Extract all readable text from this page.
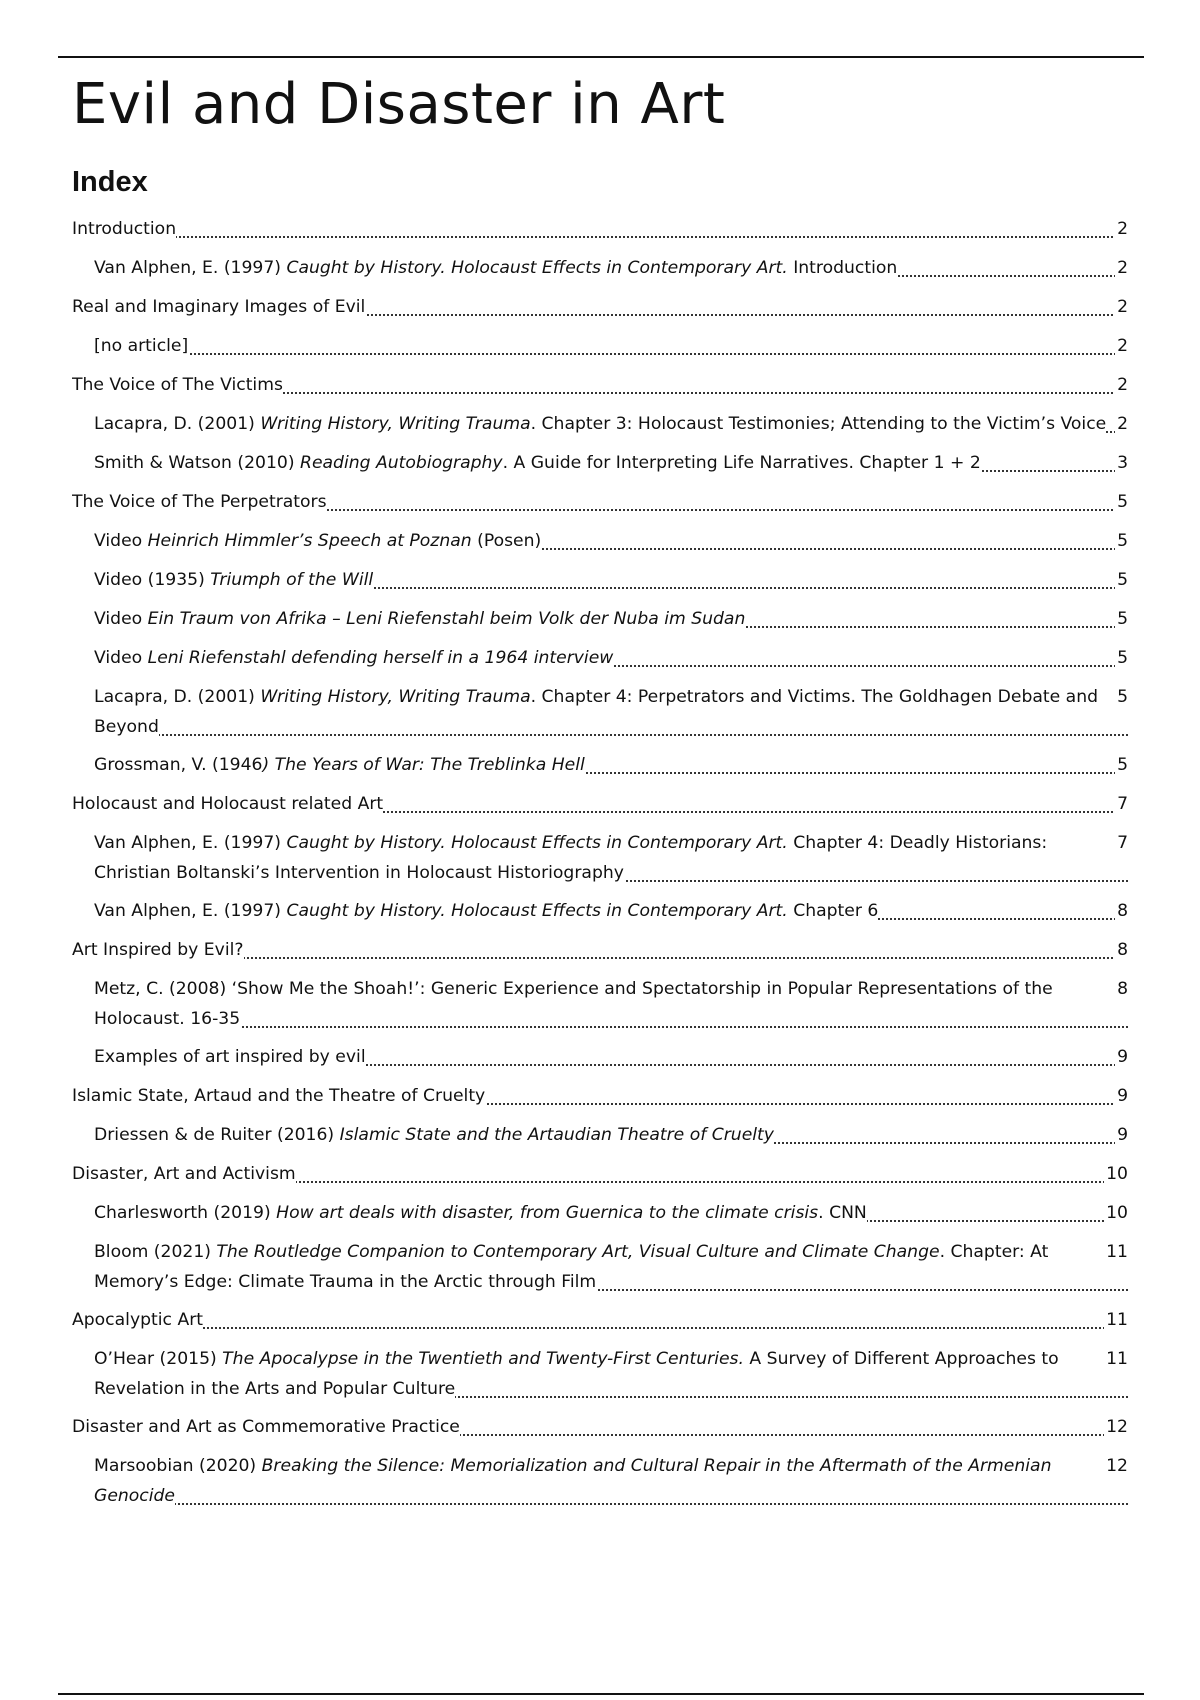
Evil and Disaster in Art
Index
2
Introduction
2
Van Alphen, E. (1997) Caught by History. Holocaust Effects in Contemporary Art. Introduction
2
Real and Imaginary Images of Evil
2
[no article]
2
The Voice of The Victims
2
Lacapra, D. (2001) Writing History, Writing Trauma. Chapter 3: Holocaust Testimonies; Attending to the Victim’s Voice
3
Smith & Watson (2010) Reading Autobiography. A Guide for Interpreting Life Narratives. Chapter 1 + 2
5
The Voice of The Perpetrators
5
Video Heinrich Himmler’s Speech at Poznan (Posen)
5
Video (1935) Triumph of the Will
5
Video Ein Traum von Afrika – Leni Riefenstahl beim Volk der Nuba im Sudan
5
Video Leni Riefenstahl defending herself in a 1964 interview
5
Lacapra, D. (2001) Writing History, Writing Trauma. Chapter 4: Perpetrators and Victims. The Goldhagen Debate and Beyond
5
Grossman, V. (1946) The Years of War: The Treblinka Hell
7
Holocaust and Holocaust related Art
7
Van Alphen, E. (1997) Caught by History. Holocaust Effects in Contemporary Art. Chapter 4: Deadly Historians: Christian Boltanski’s Intervention in Holocaust Historiography
8
Van Alphen, E. (1997) Caught by History. Holocaust Effects in Contemporary Art. Chapter 6
8
Art Inspired by Evil?
8
Metz, C. (2008) ‘Show Me the Shoah!’: Generic Experience and Spectatorship in Popular Representations of the Holocaust. 16-35
9
Examples of art inspired by evil
9
Islamic State, Artaud and the Theatre of Cruelty
9
Driessen & de Ruiter (2016) Islamic State and the Artaudian Theatre of Cruelty
10
Disaster, Art and Activism
10
Charlesworth (2019) How art deals with disaster, from Guernica to the climate crisis. CNN
11
Bloom (2021) The Routledge Companion to Contemporary Art, Visual Culture and Climate Change. Chapter: At Memory’s Edge: Climate Trauma in the Arctic through Film
11
Apocalyptic Art
11
O’Hear (2015) The Apocalypse in the Twentieth and Twenty-First Centuries. A Survey of Different Approaches to Revelation in the Arts and Popular Culture
12
Disaster and Art as Commemorative Practice
12
Marsoobian (2020) Breaking the Silence: Memorialization and Cultural Repair in the Aftermath of the Armenian Genocide
